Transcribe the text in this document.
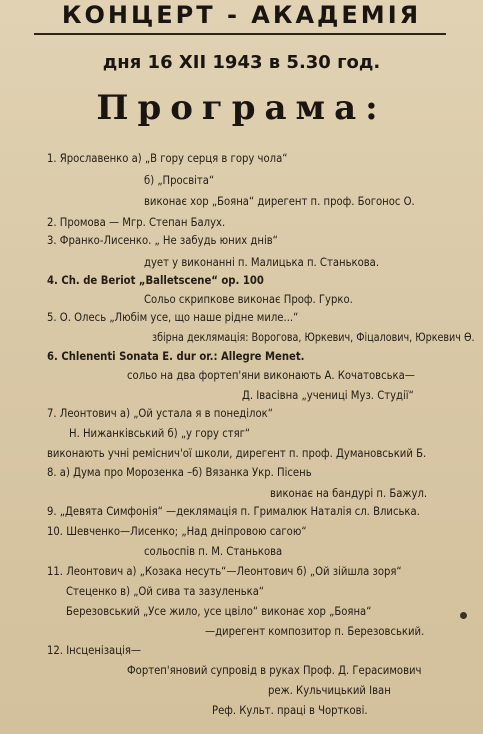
КОНЦЕРТ - АКАДЕМІЯ
дня 16 XII 1943 в 5.30 год.
Програма:
1. Ярославенко а) „В гору серця в гору чола“
б) „Просвіта“
виконає хор „Бояна“ дирегент п. проф. Богонос О.
2. Промова — Мгр. Степан Балух.
3. Франко-Лисенко. „ Не забудь юних днів“
дует у виконанні п. Малицька п. Станькова.
4. Ch. de Beriot „Balletscene“ ор. 100
Сольо скрипкове виконає Проф. Гурко.
5. О. Олесь „Любім усе, що наше рідне миле...“
збірна деклямація: Ворогова, Юркевич, Фіцалович, Юркевич Ө.
6. Chlenenti Sonata E. dur or.: Allegre Menet.
сольо на два фортеп'яни виконають А. Кочатовська—
Д. Івасівна „учениці Муз. Студії“
7. Леонтович а) „Ой устала я в понеділок“
Н. Нижанківський б) „у гору стяг“
виконають учні реміснич'ої школи, дирегент п. проф. Думановський Б.
8. а) Дума про Морозенка –б) Вязанка Укр. Пісень
виконає на бандурі п. Бажул.
9. „Девята Симфонія“ —деклямація п. Грималюк Наталія сл. Влиська.
10. Шевченко—Лисенко; „Над дніпровою сагою“
сольоспів п. М. Станькова
11. Леонтович а) „Козака несуть“—Леонтович б) „Ой зійшла зоря“
Стеценко в) „Ой сива та зазуленька“
Березовський „Усе жило, усе цвіло“ виконає хор „Бояна“
—дирегент композитор п. Березовський.
12. Інсценізація—
Фортеп'яновий супровід в руках Проф. Д. Герасимович
реж. Кульчицький Іван
Реф. Культ. праці в Чорткові.
